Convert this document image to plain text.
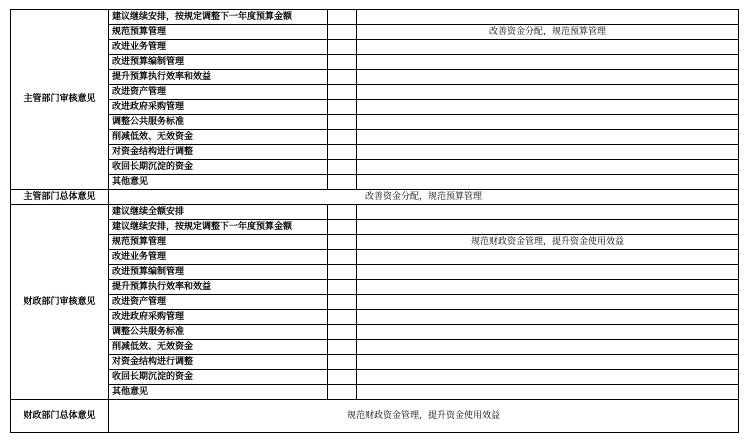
主管部门审核意见	建议继续安排，按规定调整下一年度预算金额		
	规范预算管理		改善资金分配，规范预算管理
	改进业务管理		
	改进预算编制管理		
	提升预算执行效率和效益		
	改进资产管理		
	改进政府采购管理		
	调整公共服务标准		
	削减低效、无效资金		
	对资金结构进行调整		
	收回长期沉淀的资金		
	其他意见		
主管部门总体意见	改善资金分配，规范预算管理		
财政部门审核意见	建议继续全额安排		
	建议继续安排，按规定调整下一年度预算金额		
	规范预算管理		规范财政资金管理，提升资金使用效益
	改进业务管理		
	改进预算编制管理		
	提升预算执行效率和效益		
	改进资产管理		
	改进政府采购管理		
	调整公共服务标准		
	削减低效、无效资金		
	对资金结构进行调整		
	收回长期沉淀的资金		
	其他意见		
财政部门总体意见	规范财政资金管理，提升资金使用效益		
